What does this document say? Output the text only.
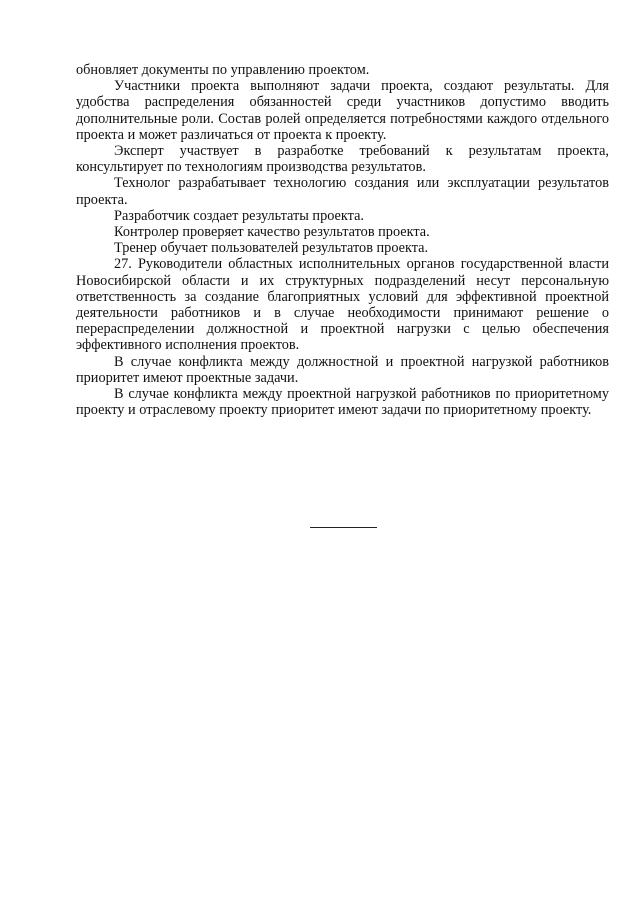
обновляет документы по управлению проектом.

Участники проекта выполняют задачи проекта, создают результаты. Для удобства распределения обязанностей среди участников допустимо вводить дополнительные роли. Состав ролей определяется потребностями каждого отдельного проекта и может различаться от проекта к проекту.

Эксперт участвует в разработке требований к результатам проекта, консультирует по технологиям производства результатов.

Технолог разрабатывает технологию создания или эксплуатации результатов проекта.

Разработчик создает результаты проекта.

Контролер проверяет качество результатов проекта.

Тренер обучает пользователей результатов проекта.

27. Руководители областных исполнительных органов государственной власти Новосибирской области и их структурных подразделений несут персональную ответственность за создание благоприятных условий для эффективной проектной деятельности работников и в случае необходимости принимают решение о перераспределении должностной и проектной нагрузки с целью обеспечения эффективного исполнения проектов.

В случае конфликта между должностной и проектной нагрузкой работников приоритет имеют проектные задачи.

В случае конфликта между проектной нагрузкой работников по приоритетному проекту и отраслевому проекту приоритет имеют задачи по приоритетному проекту.
